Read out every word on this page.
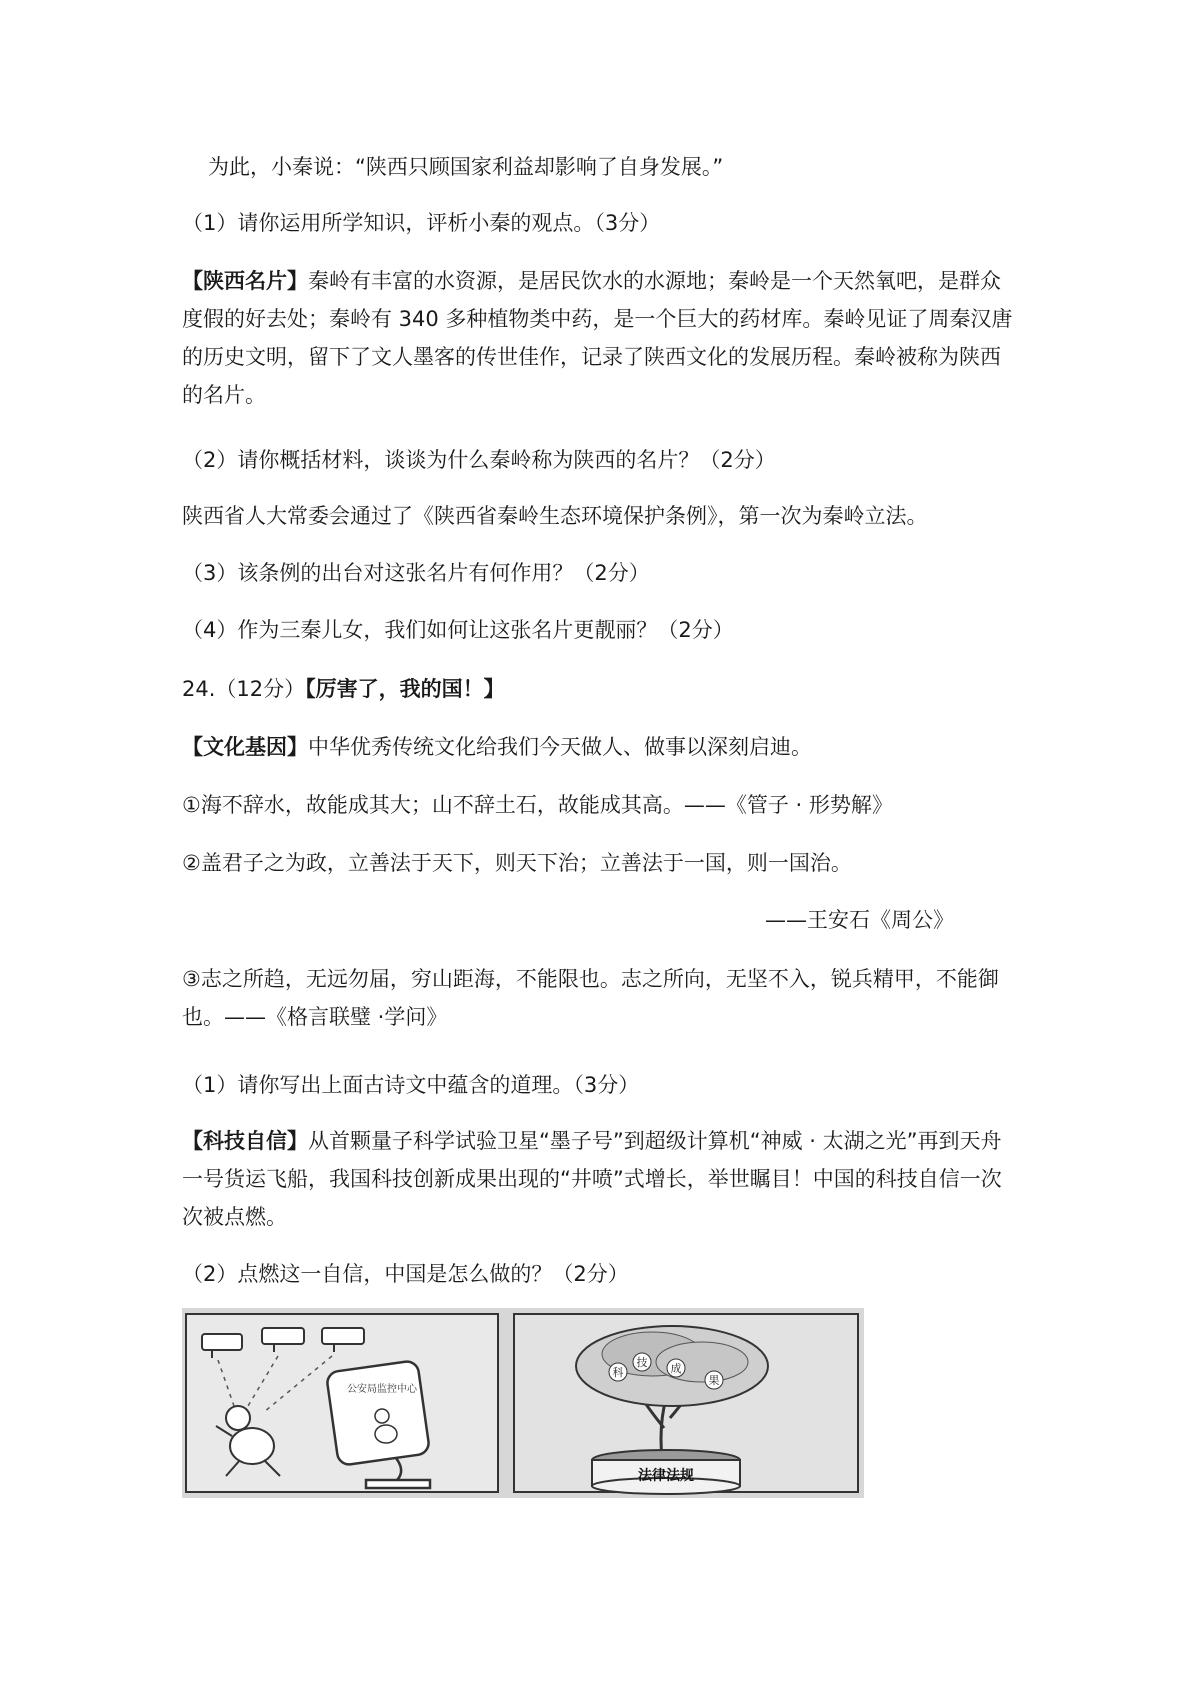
为此，小秦说：“陕西只顾国家利益却影响了自身发展。”
（1）请你运用所学知识，评析小秦的观点。（3分）
【陕西名片】秦岭有丰富的水资源，是居民饮水的水源地；秦岭是一个天然氧吧，是群众度假的好去处；秦岭有 340 多种植物类中药，是一个巨大的药材库。秦岭见证了周秦汉唐的历史文明，留下了文人墨客的传世佳作，记录了陕西文化的发展历程。秦岭被称为陕西的名片。
（2）请你概括材料，谈谈为什么秦岭称为陕西的名片？（2分）
陕西省人大常委会通过了《陕西省秦岭生态环境保护条例》，第一次为秦岭立法。
（3）该条例的出台对这张名片有何作用？（2分）
（4）作为三秦儿女，我们如何让这张名片更靓丽？（2分）
24.（12分）【厉害了，我的国！】
【文化基因】中华优秀传统文化给我们今天做人、做事以深刻启迪。
①海不辞水，故能成其大；山不辞土石，故能成其高。——《管子 · 形势解》
②盖君子之为政，立善法于天下，则天下治；立善法于一国，则一国治。
——王安石《周公》
③志之所趋，无远勿届，穷山距海，不能限也。志之所向，无坚不入，锐兵精甲，不能御也。——《格言联璧 ·学问》
（1）请你写出上面古诗文中蕴含的道理。（3分）
【科技自信】从首颗量子科学试验卫星“墨子号”到超级计算机“神威 · 太湖之光”再到天舟一号货运飞船，我国科技创新成果出现的“井喷”式增长，举世瞩目！中国的科技自信一次次被点燃。
（2）点燃这一自信，中国是怎么做的？（2分）
公安局监控中心
科
技 成
果
法律法规
